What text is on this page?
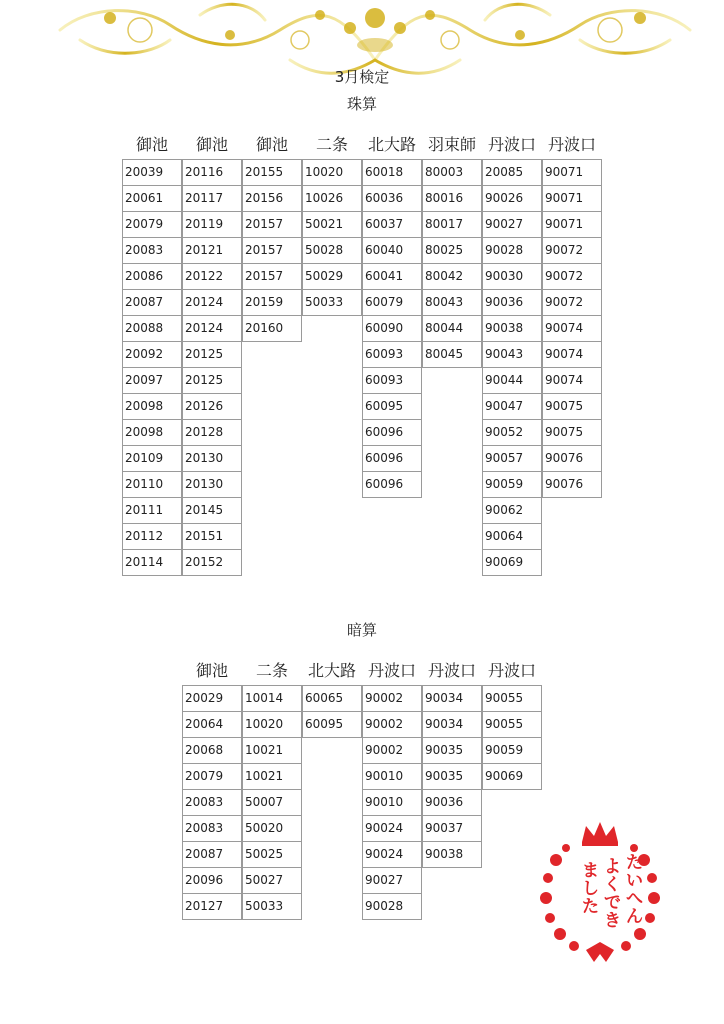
3月検定
珠算
御池
20039
20061
20079
20083
20086
20087
20088
20092
20097
20098
20098
20109
20110
20111
20112
20114
御池
20116
20117
20119
20121
20122
20124
20124
20125
20125
20126
20128
20130
20130
20145
20151
20152
御池
20155
20156
20157
20157
20157
20159
20160
二条
10020
10026
50021
50028
50029
50033
北大路
60018
60036
60037
60040
60041
60079
60090
60093
60093
60095
60096
60096
60096
羽束師
80003
80016
80017
80025
80042
80043
80044
80045
丹波口
20085
90026
90027
90028
90030
90036
90038
90043
90044
90047
90052
90057
90059
90062
90064
90069
丹波口
90071
90071
90071
90072
90072
90072
90074
90074
90074
90075
90075
90076
90076
暗算
御池
20029
20064
20068
20079
20083
20083
20087
20096
20127
二条
10014
10020
10021
10021
50007
50020
50025
50027
50033
北大路
60065
60095
丹波口
90002
90002
90002
90010
90010
90024
90024
90027
90028
丹波口
90034
90034
90035
90035
90036
90037
90038
丹波口
90055
90055
90059
90069
た
い
へ
ん
よ
く
で
き
ま
し
た
